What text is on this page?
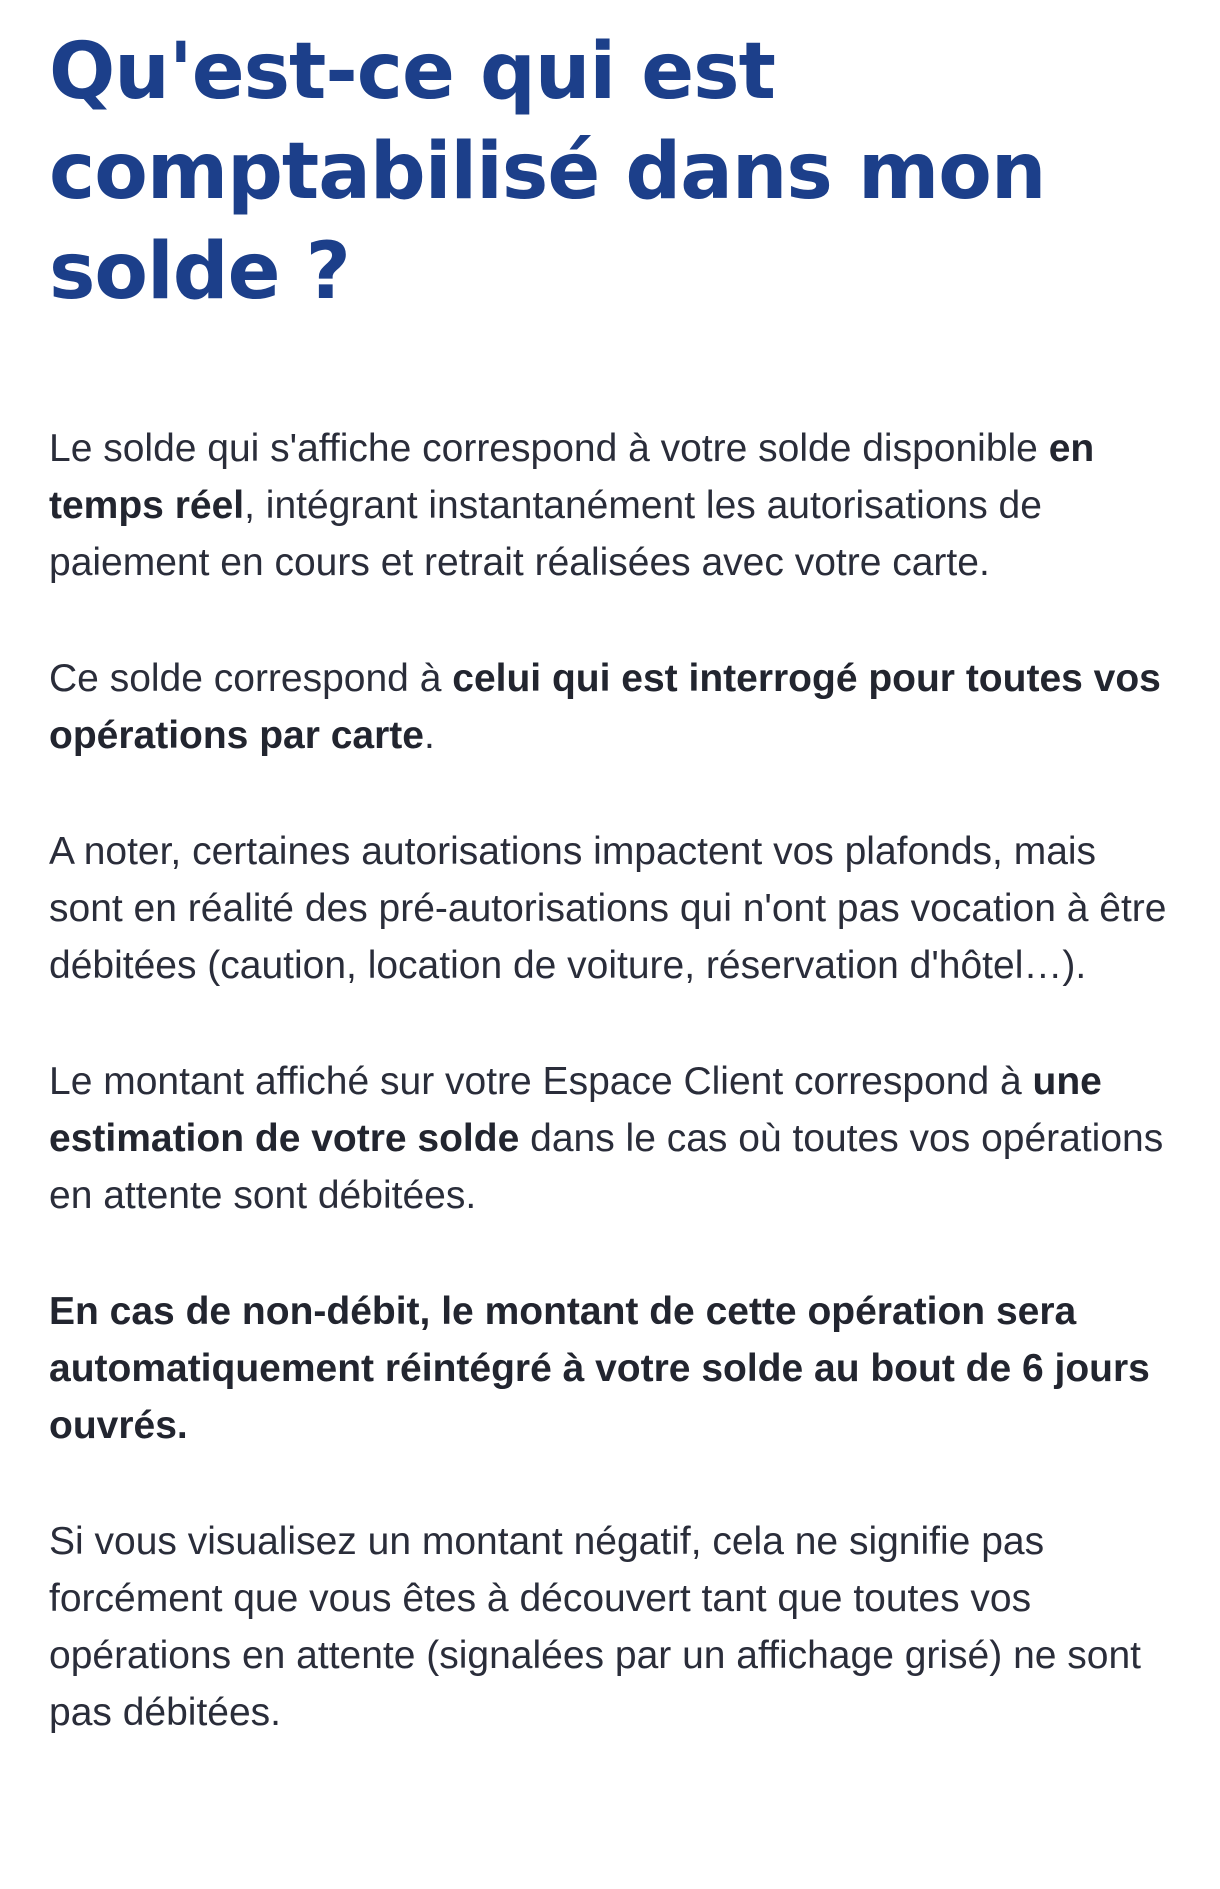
Qu'est-ce qui est comptabilisé dans mon solde ?

Le solde qui s'affiche correspond à votre solde disponible en temps réel, intégrant instantanément les autorisations de paiement en cours et retrait réalisées avec votre carte.

Ce solde correspond à celui qui est interrogé pour toutes vos opérations par carte.

A noter, certaines autorisations impactent vos plafonds, mais sont en réalité des pré-autorisations qui n'ont pas vocation à être débitées (caution, location de voiture, réservation d'hôtel…).

Le montant affiché sur votre Espace Client correspond à une estimation de votre solde dans le cas où toutes vos opérations en attente sont débitées.

En cas de non-débit, le montant de cette opération sera automatiquement réintégré à votre solde au bout de 6 jours ouvrés.

Si vous visualisez un montant négatif, cela ne signifie pas forcément que vous êtes à découvert tant que toutes vos opérations en attente (signalées par un affichage grisé) ne sont pas débitées.
